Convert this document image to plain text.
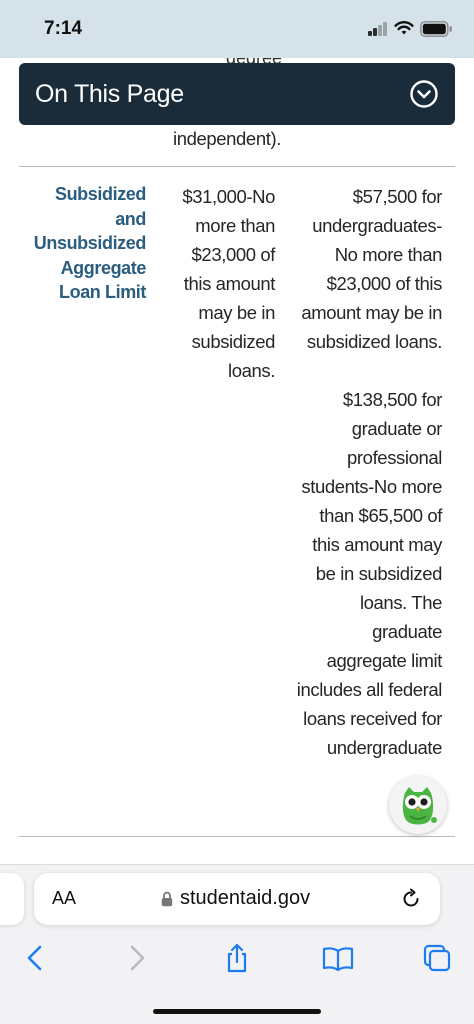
7:14
On This Page
independent).
Subsidized and Unsubsidized Aggregate Loan Limit
$31,000-No more than $23,000 of this amount may be in subsidized loans.

$57,500 for undergraduates-No more than $23,000 of this amount may be in subsidized loans.

$138,500 for graduate or professional students-No more than $65,500 of this amount may be in subsidized loans. The graduate aggregate limit includes all federal loans received for undergraduate

AA	studentaid.gov
